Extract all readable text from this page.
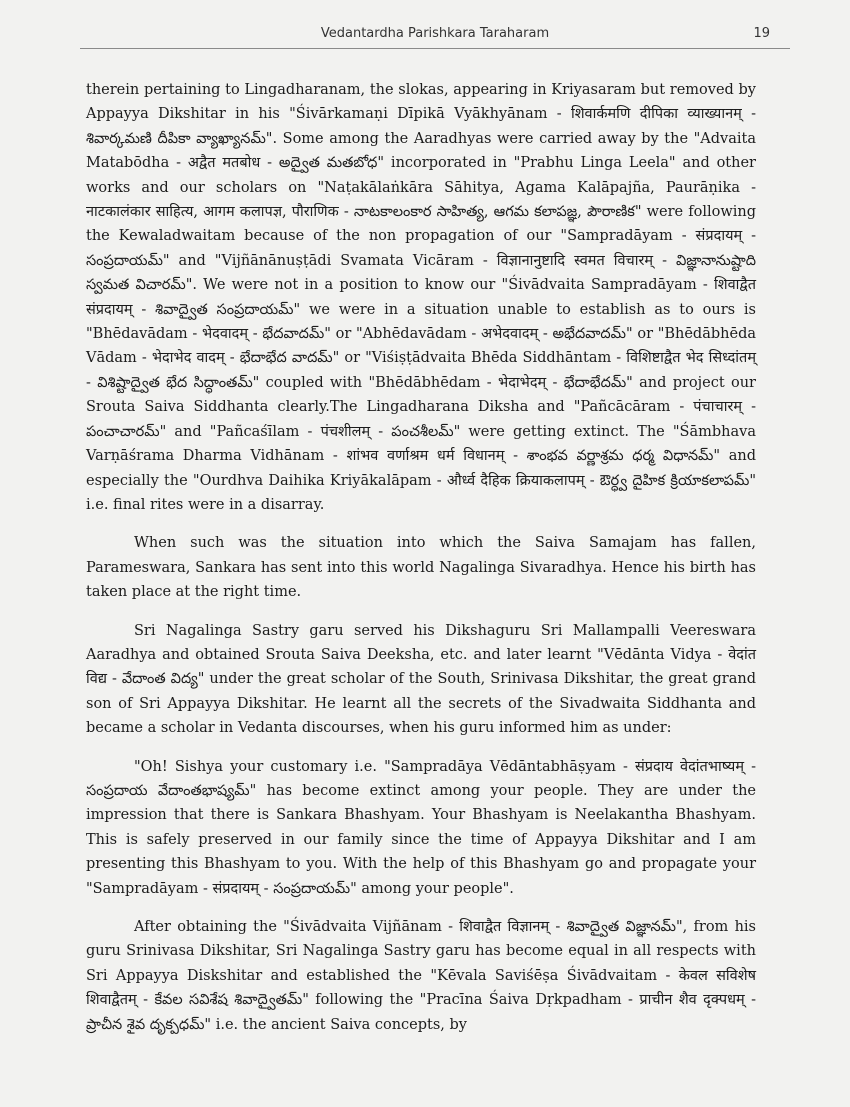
Vedantardha Parishkara Taraharam	19

therein pertaining to Lingadharanam, the slokas, appearing in Kriyasaram but removed by Appayya Dikshitar in his "Śivārkamaṇi Dīpikā Vyākhyānam - शिवार्कमणि दीपिका व्याख्यानम् - శివార్కమణి దీపికా వ్యాఖ్యానమ్". Some among the Aaradhyas were carried away by the "Advaita Matabōdha - अद्वैत मतबोध - అద్వైత మతబోధ" incorporated in "Prabhu Linga Leela" and other works and our scholars on "Naṭakālaṅkāra Sāhitya, Agama Kalāpajña, Paurāṇika - नाटकालंकार साहित्य, आगम कलापज्ञ, पौराणिक - నాటకాలంకార సాహిత్య, ఆగమ కలాపజ్ఞ, పౌరాణిక" were following the Kewaladwaitam because of the non propagation of our "Sampradāyam - संप्रदायम् - సంప్రదాయమ్" and "Vijñānānuṣṭādi Svamata Vicāram - विज्ञानानुष्टादि स्वमत विचारम् - విజ్ఞానానుష్టాది స్వమత విచారమ్". We were not in a position to know our "Śivādvaita Sampradāyam - शिवाद्वैत संप्रदायम् - శివాద్వైత సంప్రదాయమ్" we were in a situation unable to establish as to ours is "Bhēdavādam - भेदवादम् - భేదవాదమ్" or "Abhēdavādam - अभेदवादम् - అభేదవాదమ్" or "Bhēdābhēda Vādam - भेदाभेद वादम् - భేదాభేద వాదమ్" or "Viśiṣṭādvaita Bhēda Siddhāntam - विशिष्टाद्वैत भेद सिध्दांतम् - విశిష్టాద్వైత భేద సిద్ధాంతమ్" coupled with "Bhēdābhēdam - भेदाभेदम् - భేదాభేదమ్" and project our Srouta Saiva Siddhanta clearly.The Lingadharana Diksha and "Pañcācāram - पंचाचारम् - పంచాచారమ్" and "Pañcaśīlam - पंचशीलम् - పంచశీలమ్" were getting extinct. The "Śāmbhava Varṇāśrama Dharma Vidhānam - शांभव वर्णाश्रम धर्म विधानम् - శాంభవ వర్ణాశ్రమ ధర్మ విధానమ్" and especially the "Ourdhva Daihika Kriyākalāpam - और्ध्व दैहिक क्रियाकलापम् - ఔర్ధ్వ దైహిక క్రియాకలాపమ్" i.e. final rites were in a disarray.

When such was the situation into which the Saiva Samajam has fallen, Parameswara, Sankara has sent into this world Nagalinga Sivaradhya. Hence his birth has taken place at the right time.

Sri Nagalinga Sastry garu served his Dikshaguru Sri Mallampalli Veereswara Aaradhya and obtained Srouta Saiva Deeksha, etc. and later learnt "Vēdānta Vidya - वेदांत विद्य - వేదాంత విద్య" under the great scholar of the South, Srinivasa Dikshitar, the great grand son of Sri Appayya Dikshitar. He learnt all the secrets of the Sivadwaita Siddhanta and became a scholar in Vedanta discourses, when his guru informed him as under:

"Oh! Sishya your customary i.e. "Sampradāya Vēdāntabhāṣyam - संप्रदाय वेदांतभाष्यम् - సంప్రదాయ వేదాంతభాష్యమ్" has become extinct among your people. They are under the impression that there is Sankara Bhashyam. Your Bhashyam is Neelakantha Bhashyam. This is safely preserved in our family since the time of Appayya Dikshitar and I am presenting this Bhashyam to you. With the help of this Bhashyam go and propagate your "Sampradāyam - संप्रदायम् - సంప్రదాయమ్" among your people".

After obtaining the "Śivādvaita Vijñānam - शिवाद्वैत विज्ञानम् - శివాద్వైత విజ్ఞానమ్", from his guru Srinivasa Dikshitar, Sri Nagalinga Sastry garu has become equal in all respects with Sri Appayya Diskshitar and established the "Kēvala Saviśēṣa Śivādvaitam - केवल सविशेष शिवाद्वैतम् - కేవల సవిశేష శివాద్వైతమ్" following the "Pracīna Śaiva Dṛkpadham - प्राचीन शैव दृक्पधम् - ప్రాచీన శైవ దృక్పధమ్" i.e. the ancient Saiva concepts, by
